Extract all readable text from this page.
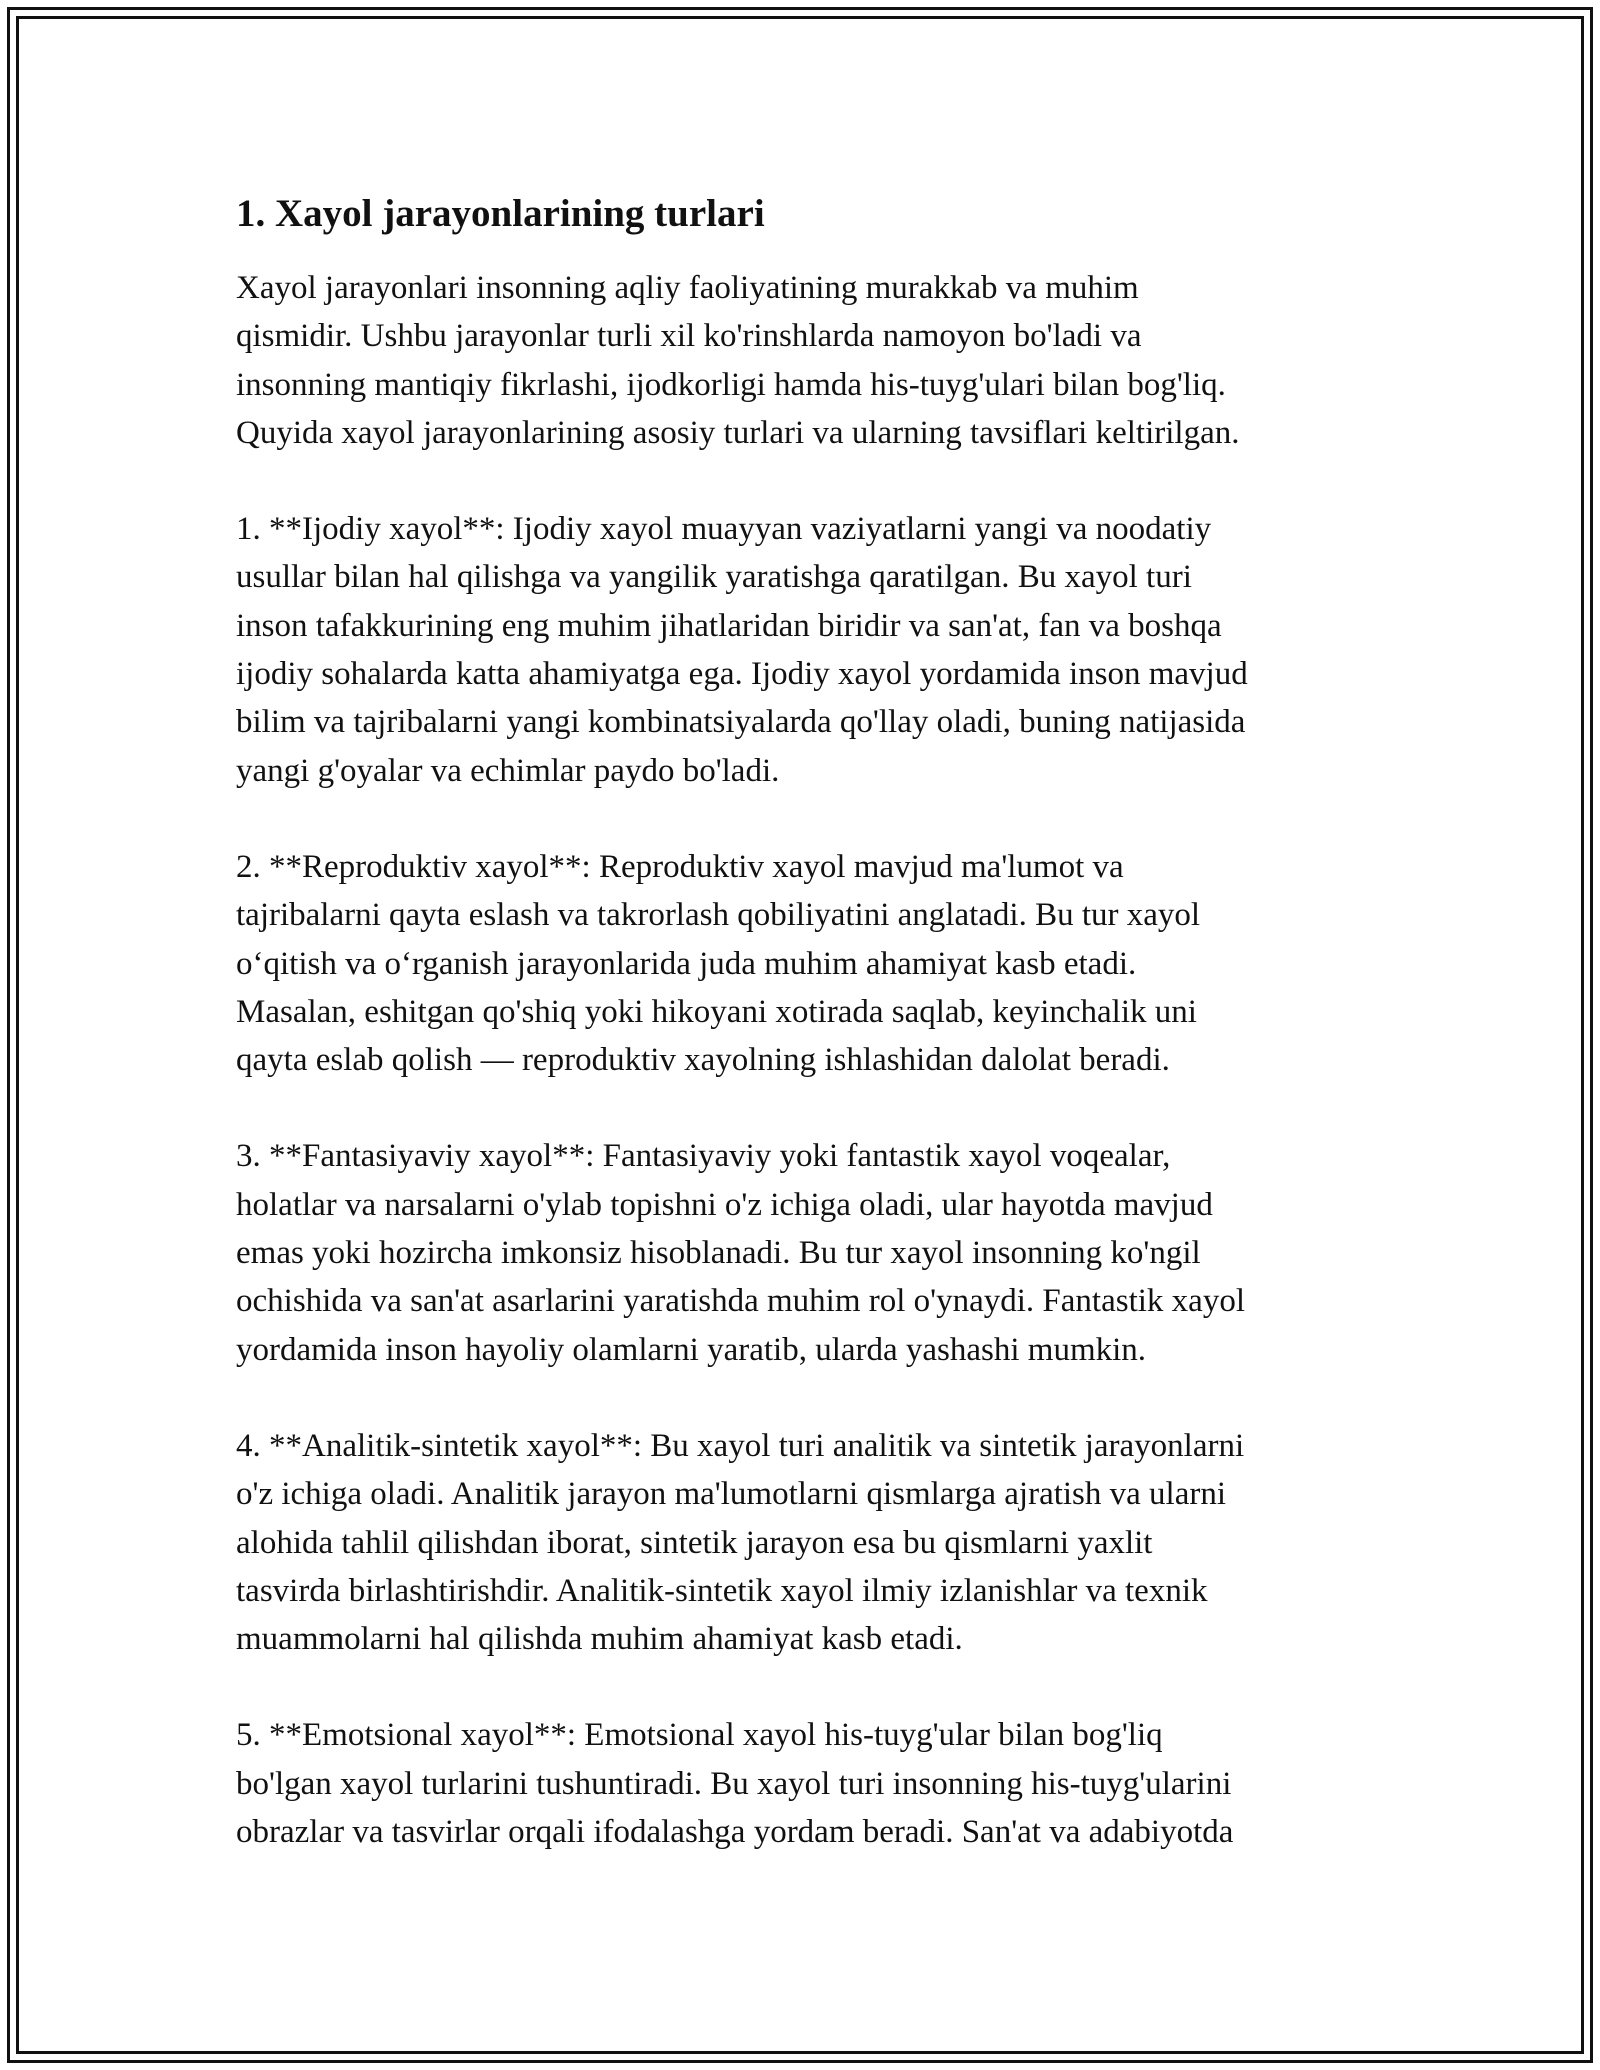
1. Xayol jarayonlarining turlari

Xayol jarayonlari insonning aqliy faoliyatining murakkab va muhim
qismidir. Ushbu jarayonlar turli xil ko'rinshlarda namoyon bo'ladi va
insonning mantiqiy fikrlashi, ijodkorligi hamda his-tuyg'ulari bilan bog'liq.
Quyida xayol jarayonlarining asosiy turlari va ularning tavsiflari keltirilgan.

1. **Ijodiy xayol**: Ijodiy xayol muayyan vaziyatlarni yangi va noodatiy
usullar bilan hal qilishga va yangilik yaratishga qaratilgan. Bu xayol turi
inson tafakkurining eng muhim jihatlaridan biridir va san'at, fan va boshqa
ijodiy sohalarda katta ahamiyatga ega. Ijodiy xayol yordamida inson mavjud
bilim va tajribalarni yangi kombinatsiyalarda qo'llay oladi, buning natijasida
yangi g'oyalar va echimlar paydo bo'ladi.

2. **Reproduktiv xayol**: Reproduktiv xayol mavjud ma'lumot va
tajribalarni qayta eslash va takrorlash qobiliyatini anglatadi. Bu tur xayol
o‘qitish va o‘rganish jarayonlarida juda muhim ahamiyat kasb etadi.
Masalan, eshitgan qo'shiq yoki hikoyani xotirada saqlab, keyinchalik uni
qayta eslab qolish — reproduktiv xayolning ishlashidan dalolat beradi.

3. **Fantasiyaviy xayol**: Fantasiyaviy yoki fantastik xayol voqealar,
holatlar va narsalarni o'ylab topishni o'z ichiga oladi, ular hayotda mavjud
emas yoki hozircha imkonsiz hisoblanadi. Bu tur xayol insonning ko'ngil
ochishida va san'at asarlarini yaratishda muhim rol o'ynaydi. Fantastik xayol
yordamida inson hayoliy olamlarni yaratib, ularda yashashi mumkin.

4. **Analitik-sintetik xayol**: Bu xayol turi analitik va sintetik jarayonlarni
o'z ichiga oladi. Analitik jarayon ma'lumotlarni qismlarga ajratish va ularni
alohida tahlil qilishdan iborat, sintetik jarayon esa bu qismlarni yaxlit
tasvirda birlashtirishdir. Analitik-sintetik xayol ilmiy izlanishlar va texnik
muammolarni hal qilishda muhim ahamiyat kasb etadi.

5. **Emotsional xayol**: Emotsional xayol his-tuyg'ular bilan bog'liq
bo'lgan xayol turlarini tushuntiradi. Bu xayol turi insonning his-tuyg'ularini
obrazlar va tasvirlar orqali ifodalashga yordam beradi. San'at va adabiyotda
